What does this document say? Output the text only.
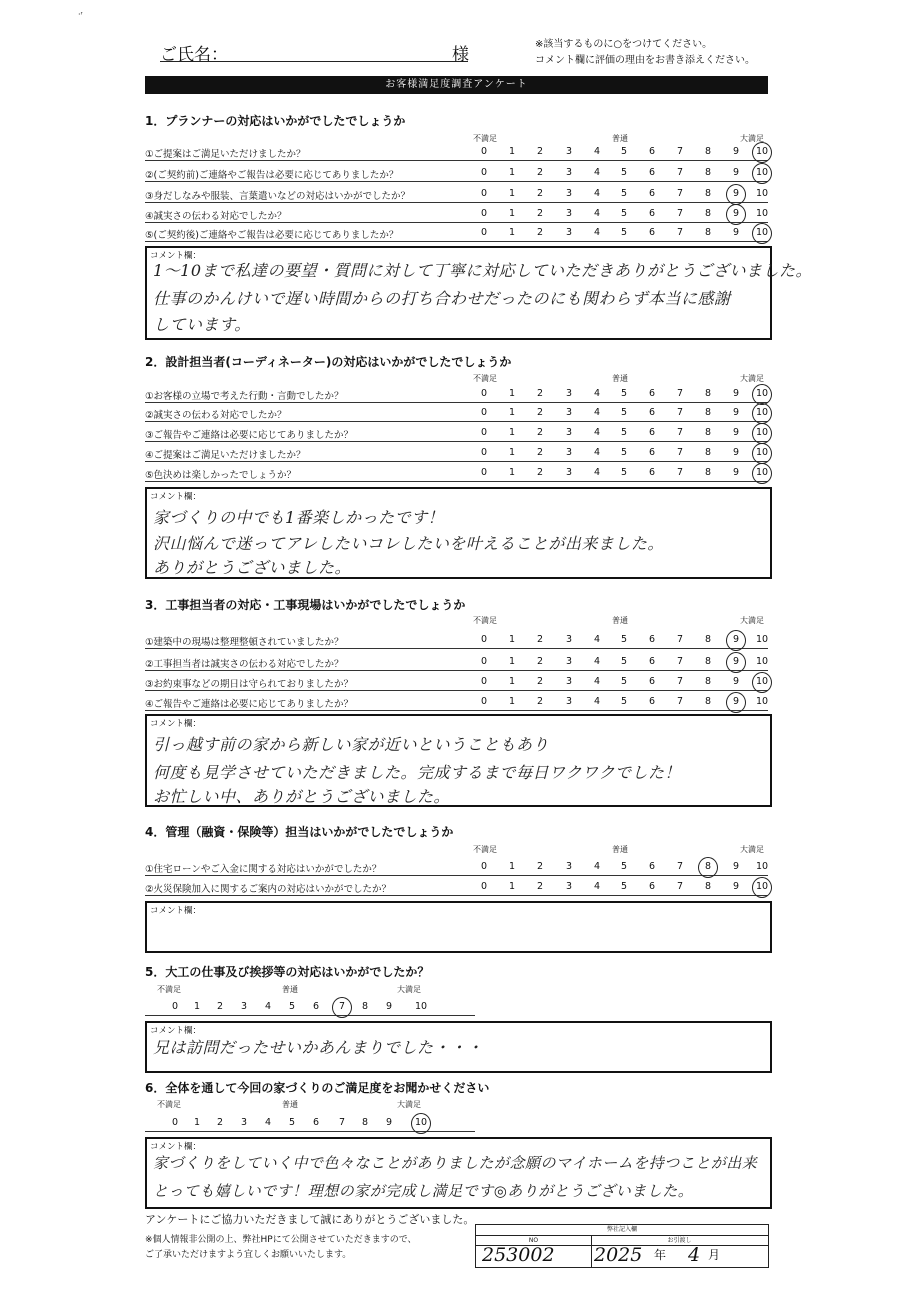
·ʳ
ご氏名：	様
※該当するものに○をつけてください。
コメント欄に評価の理由をお書き添えください。
お客様満足度調査アンケート
1．プランナーの対応はいかがでしたでしょうか
不満足	普通	大満足
①ご提案はご満足いただけましたか？	0	1	2	3	4	5	6	7	8	9	10
②(ご契約前)ご連絡やご報告は必要に応じてありましたか？	0	1	2	3	4	5	6	7	8	9	10
③身だしなみや服装、言葉遣いなどの対応はいかがでしたか？	0	1	2	3	4	5	6	7	8	9	10
④誠実さの伝わる対応でしたか？	0	1	2	3	4	5	6	7	8	9	10
⑤(ご契約後)ご連絡やご報告は必要に応じてありましたか？	0	1	2	3	4	5	6	7	8	9	10
コメント欄：
1～10まで私達の要望・質問に対して丁寧に対応していただきありがとうございました。
仕事のかんけいで遅い時間からの打ち合わせだったのにも関わらず本当に感謝
しています。
2．設計担当者(コーディネーター)の対応はいかがでしたでしょうか
不満足	普通	大満足
①お客様の立場で考えた行動・言動でしたか？	0	1	2	3	4	5	6	7	8	9	10
②誠実さの伝わる対応でしたか？	0	1	2	3	4	5	6	7	8	9	10
③ご報告やご連絡は必要に応じてありましたか？	0	1	2	3	4	5	6	7	8	9	10
④ご提案はご満足いただけましたか？	0	1	2	3	4	5	6	7	8	9	10
⑤色決めは楽しかったでしょうか？	0	1	2	3	4	5	6	7	8	9	10
コメント欄：
家づくりの中でも1番楽しかったです！
沢山悩んで迷ってアレしたいコレしたいを叶えることが出来ました。
ありがとうございました。
3．工事担当者の対応・工事現場はいかがでしたでしょうか
不満足	普通	大満足
①建築中の現場は整理整頓されていましたか？	0	1	2	3	4	5	6	7	8	9	10
②工事担当者は誠実さの伝わる対応でしたか？	0	1	2	3	4	5	6	7	8	9	10
③お約束事などの期日は守られておりましたか？	0	1	2	3	4	5	6	7	8	9	10
④ご報告やご連絡は必要に応じてありましたか？	0	1	2	3	4	5	6	7	8	9	10
コメント欄：
引っ越す前の家から新しい家が近いということもあり
何度も見学させていただきました。完成するまで毎日ワクワクでした！
お忙しい中、ありがとうございました。
4．管理（融資・保険等）担当はいかがでしたでしょうか
不満足	普通	大満足
①住宅ローンやご入金に関する対応はいかがでしたか？	0	1	2	3	4	5	6	7	8	9	10
②火災保険加入に関するご案内の対応はいかがでしたか？	0	1	2	3	4	5	6	7	8	9	10
コメント欄：
5．大工の仕事及び挨拶等の対応はいかがでしたか？
不満足	普通	大満足
0	1	2	3	4	5	6	7	8	9	10
コメント欄：
兄は訪問だったせいかあんまりでした・・・
6．全体を通して今回の家づくりのご満足度をお聞かせください
不満足	普通	大満足
0	1	2	3	4	5	6	7	8	9	10
コメント欄：
家づくりをしていく中で色々なことがありましたが念願のマイホームを持つことが出来
とっても嬉しいです！理想の家が完成し満足です◎ありがとうございました。
アンケートにご協力いただきまして誠にありがとうございました。
※個人情報非公開の上、弊社HPにて公開させていただきますので、
ご了承いただけますよう宜しくお願いいたします。
弊社記入欄
NO	お引渡し
253002 2025 年 4 月
